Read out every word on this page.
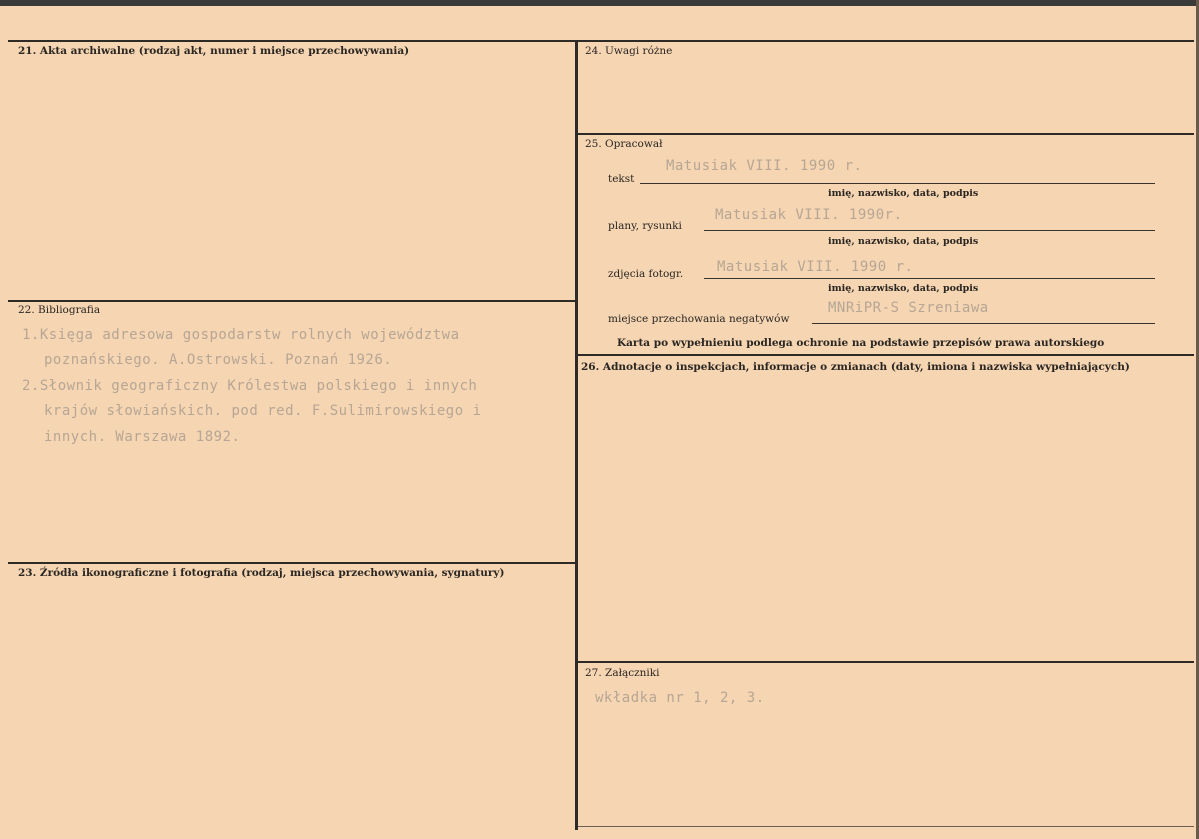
21. Akta archiwalne (rodzaj akt, numer i miejsce przechowywania)
22. Bibliografia
1.Księga adresowa gospodarstw rolnych województwa
poznańskiego. A.Ostrowski. Poznań 1926.
2.Słownik geograficzny Królestwa polskiego i innych
krajów słowiańskich. pod red. F.Sulimirowskiego i
innych. Warszawa 1892.
23. Źródła ikonograficzne i fotografia (rodzaj, miejsca przechowywania, sygnatury)
24. Uwagi różne
25. Opracował
tekst
Matusiak VIII. 1990 r.
imię, nazwisko, data, podpis
plany, rysunki
Matusiak VIII. 1990r.
imię, nazwisko, data, podpis
zdjęcia fotogr. Matusiak VIII. 1990 r.
imię, nazwisko, data, podpis
miejsce przechowania negatywów
MNRiPR-S Szreniawa
Karta po wypełnieniu podlega ochronie na podstawie przepisów prawa autorskiego
26. Adnotacje o inspekcjach, informacje o zmianach (daty, imiona i nazwiska wypełniających)
27. Załączniki
wkładka nr 1, 2, 3.
